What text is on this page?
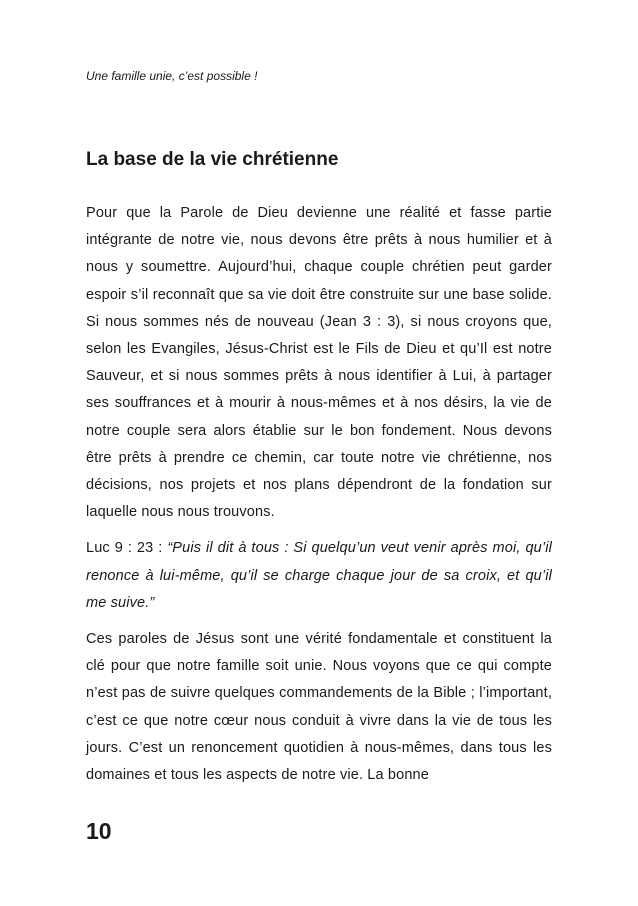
Une famille unie, c’est possible !
La base de la vie chrétienne

Pour que la Parole de Dieu devienne une réalité et fasse partie intégrante de notre vie, nous devons être prêts à nous humilier et à nous y soumettre. Aujourd’hui, chaque couple chrétien peut garder espoir s’il reconnaît que sa vie doit être construite sur une base solide. Si nous sommes nés de nouveau (Jean 3 : 3), si nous croyons que, selon les Evangiles, Jésus-Christ est le Fils de Dieu et qu’Il est notre Sauveur, et si nous sommes prêts à nous identifier à Lui, à partager ses souffrances et à mourir à nous-mêmes et à nos désirs, la vie de notre couple sera alors établie sur le bon fondement. Nous devons être prêts à prendre ce chemin, car toute notre vie chrétienne, nos décisions, nos projets et nos plans dépendront de la fondation sur laquelle nous nous trouvons.

Luc 9 : 23 : “Puis il dit à tous : Si quelqu’un veut venir après moi, qu’il renonce à lui-même, qu’il se charge chaque jour de sa croix, et qu’il me suive.”

Ces paroles de Jésus sont une vérité fondamentale et constituent la clé pour que notre famille soit unie. Nous voyons que ce qui compte n’est pas de suivre quelques commandements de la Bible ; l’important, c’est ce que notre cœur nous conduit à vivre dans la vie de tous les jours. C’est un renoncement quotidien à nous-mêmes, dans tous les domaines et tous les aspects de notre vie. La bonne

10
